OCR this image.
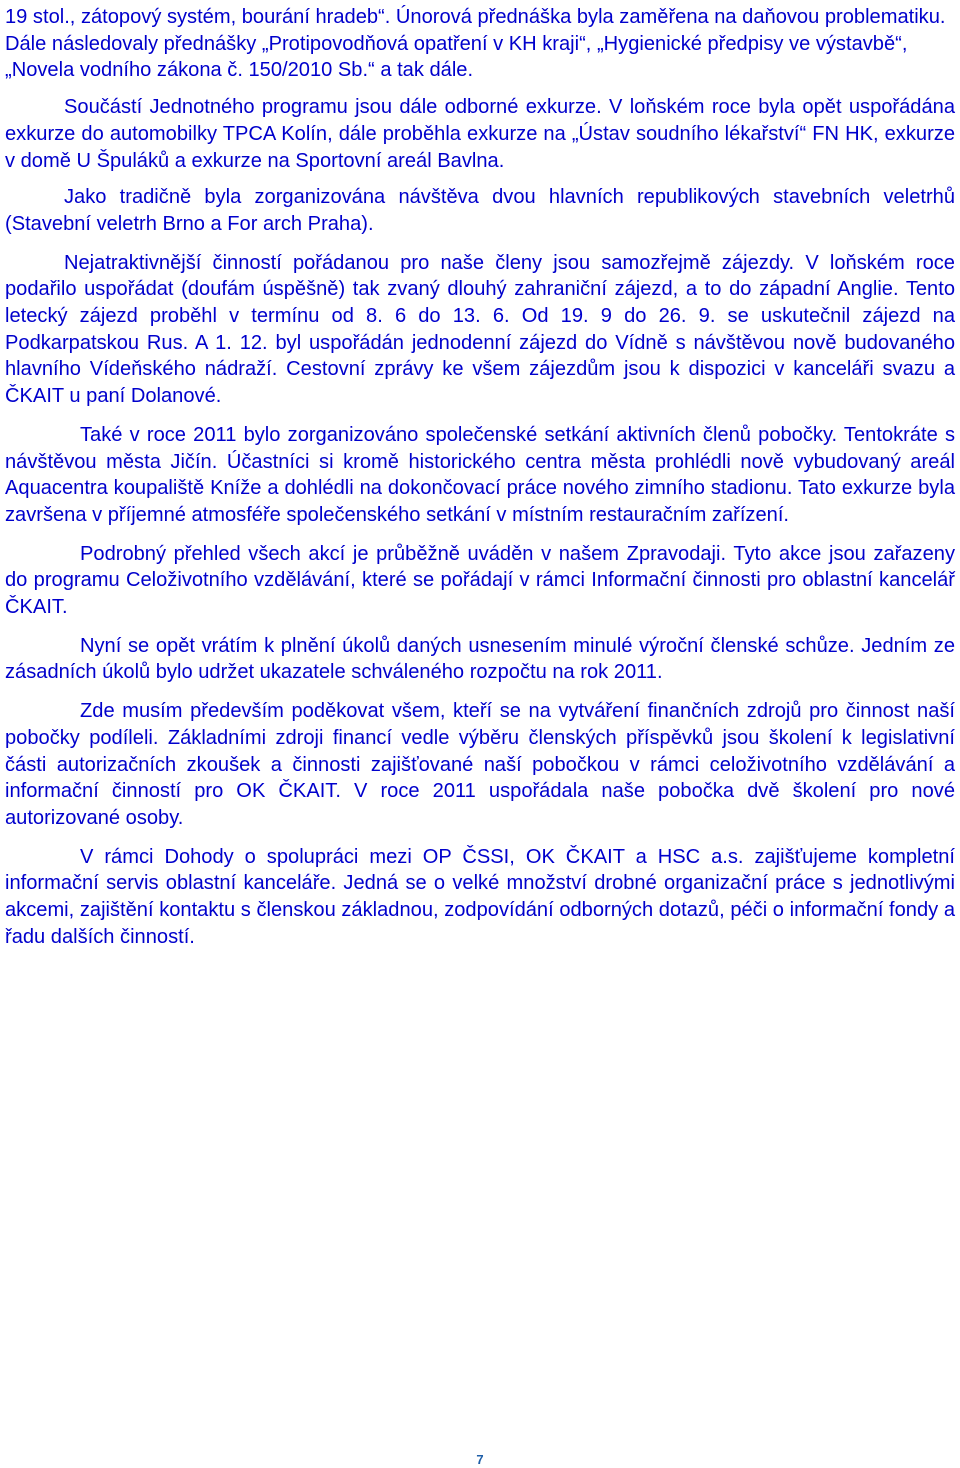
19 stol., zátopový systém, bourání hradeb“. Únorová přednáška byla zaměřena na daňovou problematiku. Dále následovaly přednášky „Protipovodňová opatření v KH kraji“, „Hygienické předpisy ve výstavbě“, „Novela vodního zákona č. 150/2010 Sb.“ a tak dále.

Součástí Jednotného programu jsou dále odborné exkurze. V loňském roce byla opět uspořádána exkurze do automobilky TPCA Kolín, dále proběhla exkurze na „Ústav soudního lékařství“ FN HK, exkurze v domě U Špuláků a exkurze na Sportovní areál Bavlna.

Jako tradičně byla zorganizována návštěva dvou hlavních republikových stavebních veletrhů (Stavební veletrh Brno a For arch Praha).

Nejatraktivnější činností pořádanou pro naše členy jsou samozřejmě zájezdy. V loňském roce podařilo uspořádat (doufám úspěšně) tak zvaný dlouhý zahraniční zájezd, a to do západní Anglie. Tento letecký zájezd proběhl v termínu od 8. 6 do 13. 6. Od 19. 9 do 26. 9. se uskutečnil zájezd na Podkarpatskou Rus. A 1. 12. byl uspořádán jednodenní zájezd do Vídně s návštěvou nově budovaného hlavního Vídeňského nádraží. Cestovní zprávy ke všem zájezdům jsou k dispozici v kanceláři svazu a ČKAIT u paní Dolanové.

Také v roce 2011 bylo zorganizováno společenské setkání aktivních členů pobočky. Tentokráte s návštěvou města Jičín. Účastníci si kromě historického centra města prohlédli nově vybudovaný areál Aquacentra koupaliště Knížе a dohlédli na dokončovací práce nového zimního stadionu. Tato exkurze byla završena v příjemné atmosféře společenského setkání v místním restauračním zařízení.

Podrobný přehled všech akcí je průběžně uváděn v našem Zpravodaji. Tyto akce jsou zařazeny do programu Celoživotního vzdělávání, které se pořádají v rámci Informační činnosti pro oblastní kancelář ČKAIT.

Nyní se opět vrátím k plnění úkolů daných usnesením minulé výroční členské schůze. Jedním ze zásadních úkolů bylo udržet ukazatele schváleného rozpočtu na rok 2011.

Zde musím především poděkovat všem, kteří se na vytváření finančních zdrojů pro činnost naší pobočky podíleli. Základními zdroji financí vedle výběru členských příspěvků jsou školení k legislativní části autorizačních zkoušek a činnosti zajišťované naší pobočkou v rámci celoživotního vzdělávání a informační činností pro OK ČKAIT. V roce 2011 uspořádala naše pobočka dvě školení pro nové autorizované osoby.

V rámci Dohody o spolupráci mezi OP ČSSI, OK ČKAIT a HSC a.s. zajišťujeme kompletní informační servis oblastní kanceláře. Jedná se o velké množství drobné organizační práce s jednotlivými akcemi, zajištění kontaktu s členskou základnou, zodpovídání odborných dotazů, péči o informační fondy a řadu dalších činností.

7
